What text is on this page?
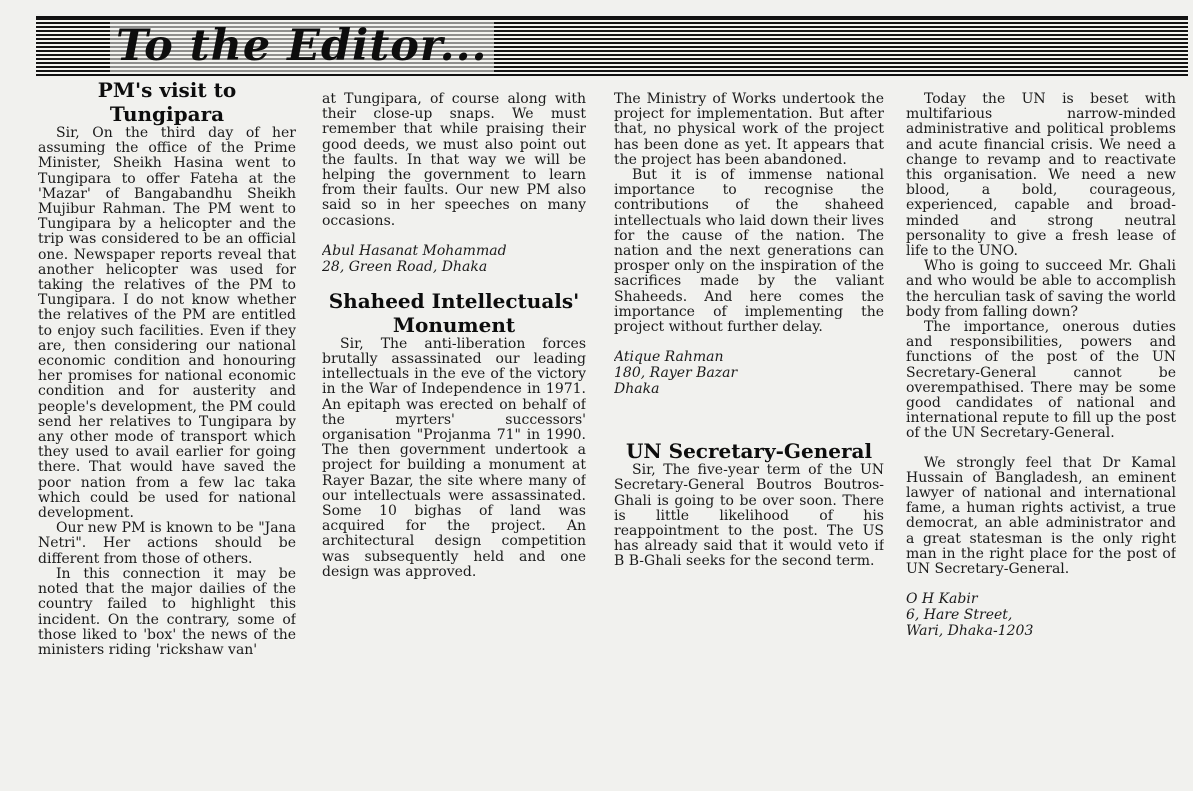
To the Editor...
PM's visit to Tungipara

Sir, On the third day of her assuming the office of the Prime Minister, Sheikh Hasina went to Tungipara to offer Fateha at the 'Mazar' of Bangabandhu Sheikh Mujibur Rahman. The PM went to Tungipara by a helicopter and the trip was considered to be an official one. Newspaper reports reveal that another helicopter was used for taking the relatives of the PM to Tungipara. I do not know whether the relatives of the PM are entitled to enjoy such facilities. Even if they are, then considering our national economic condition and honouring her promises for national economic condition and for austerity and people's development, the PM could send her relatives to Tungipara by any other mode of transport which they used to avail earlier for going there. That would have saved the poor nation from a few lac taka which could be used for national development.

Our new PM is known to be "Jana Netri". Her actions should be different from those of others.

In this connection it may be noted that the major dailies of the country failed to highlight this incident. On the contrary, some of those liked to 'box' the news of the ministers riding 'rickshaw van'

at Tungipara, of course along with their close-up snaps. We must remember that while praising their good deeds, we must also point out the faults. In that way we will be helping the government to learn from their faults. Our new PM also said so in her speeches on many occasions.

Abul Hasanat Mohammad
28, Green Road, Dhaka
Shaheed Intellectuals' Monument

Sir, The anti-liberation forces brutally assassinated our leading intellectuals in the eve of the victory in the War of Independence in 1971. An epitaph was erected on behalf of the myrters' successors' organisation "Projanma 71" in 1990. The then government undertook a project for building a monument at Rayer Bazar, the site where many of our intellectuals were assassinated. Some 10 bighas of land was acquired for the project. An architectural design competition was subsequently held and one design was approved.

The Ministry of Works undertook the project for implementation. But after that, no physical work of the project has been done as yet. It appears that the project has been abandoned.

But it is of immense national importance to recognise the contributions of the shaheed intellectuals who laid down their lives for the cause of the nation. The nation and the next generations can prosper only on the inspiration of the sacrifices made by the valiant Shaheeds. And here comes the importance of implementing the project without further delay.

Atique Rahman
180, Rayer Bazar
Dhaka
UN Secretary-General

Sir, The five-year term of the UN Secretary-General Boutros Boutros-Ghali is going to be over soon. There is little likelihood of his reappointment to the post. The US has already said that it would veto if B B-Ghali seeks for the second term.

Today the UN is beset with multifarious narrow-minded administrative and political problems and acute financial crisis. We need a change to revamp and to reactivate this organisation. We need a new blood, a bold, courageous, experienced, capable and broad-minded and strong neutral personality to give a fresh lease of life to the UNO.

Who is going to succeed Mr. Ghali and who would be able to accomplish the herculian task of saving the world body from falling down?

The importance, onerous duties and responsibilities, powers and functions of the post of the UN Secretary-General cannot be overempathised. There may be some good candidates of national and international repute to fill up the post of the UN Secretary-General.

We strongly feel that Dr Kamal Hussain of Bangladesh, an eminent lawyer of national and international fame, a human rights activist, a true democrat, an able administrator and a great statesman is the only right man in the right place for the post of UN Secretary-General.

O H Kabir
6, Hare Street,
Wari, Dhaka-1203
